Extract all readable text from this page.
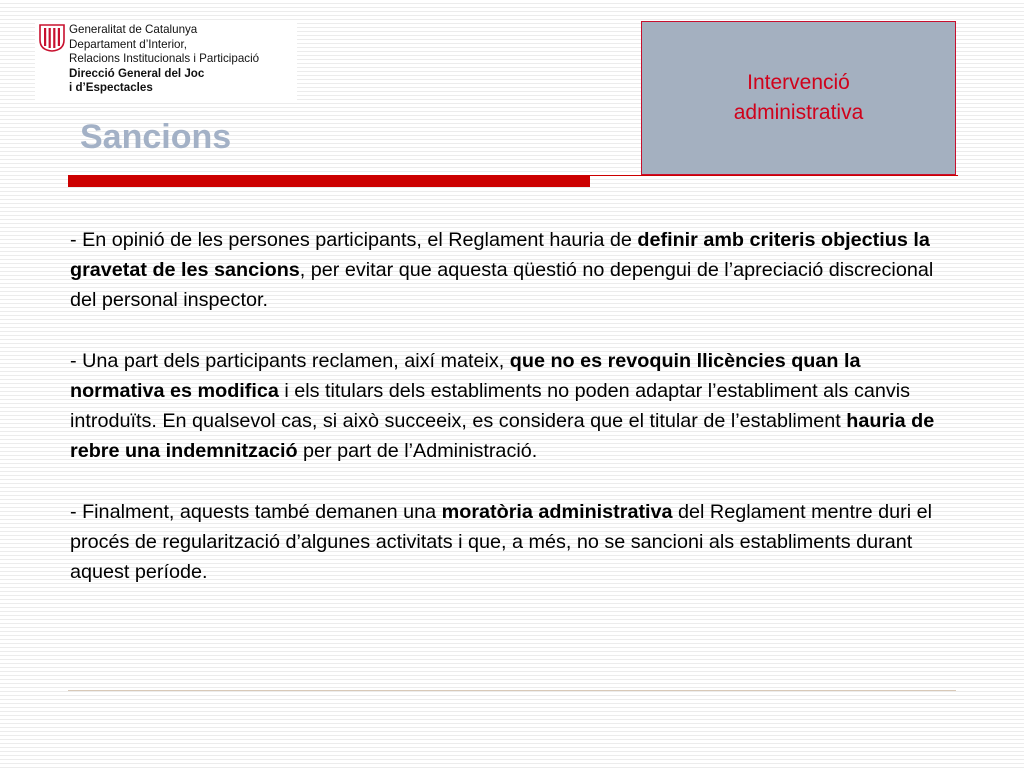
Generalitat de Catalunya
Departament d’Interior,
Relacions Institucionals i Participació
Direcció General del Joc
i d’Espectacles
Sancions
Intervenció
administrativa

- En opinió de les persones participants, el Reglament hauria de definir amb criteris objectius la gravetat de les sancions, per evitar que aquesta qüestió no depengui de l’apreciació discrecional del personal inspector.

- Una part dels participants reclamen, així mateix, que no es revoquin llicències quan la normativa es modifica i els titulars dels establiments no poden adaptar l’establiment als canvis introduïts. En qualsevol cas, si això succeeix, es considera que el titular de l’establiment hauria de rebre una indemnització per part de l’Administració.

- Finalment, aquests també demanen una moratòria administrativa del Reglament mentre duri el procés de regularització d’algunes activitats i que, a més, no se sancioni als establiments durant aquest període.
